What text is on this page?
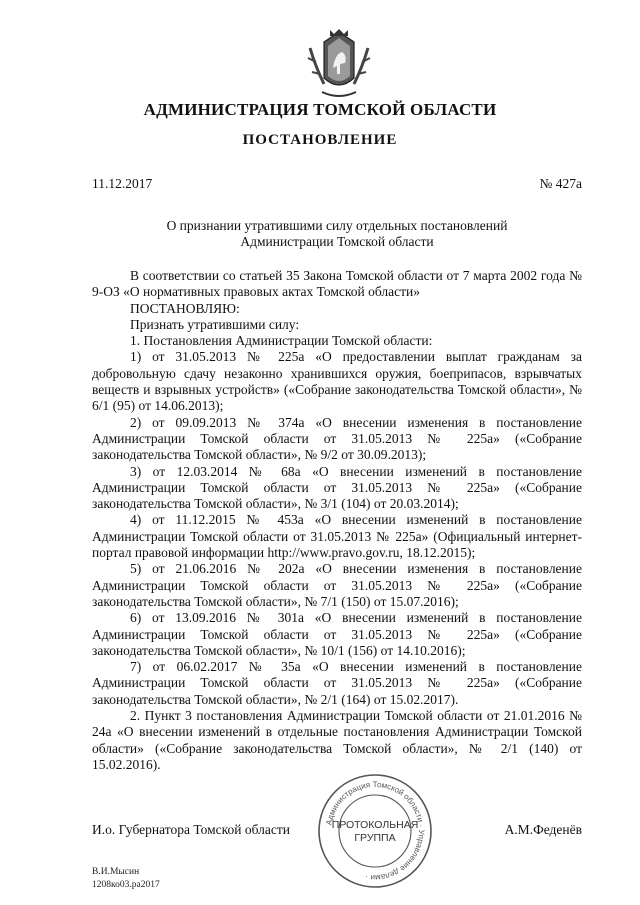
АДМИНИСТРАЦИЯ ТОМСКОЙ ОБЛАСТИ
ПОСТАНОВЛЕНИЕ
11.12.2017	№ 427а
О признании утратившими силу отдельных постановлений
Администрации Томской области

В соответствии со статьей 35 Закона Томской области от 7 марта 2002 года № 9-ОЗ «О нормативных правовых актах Томской области»

ПОСТАНОВЛЯЮ:

Признать утратившими силу:

1. Постановления Администрации Томской области:

1) от 31.05.2013 № 225а «О предоставлении выплат гражданам за добровольную сдачу незаконно хранившихся оружия, боеприпасов, взрывчатых веществ и взрывных устройств» («Собрание законодательства Томской области», № 6/1 (95) от 14.06.2013);

2) от 09.09.2013 № 374а «О внесении изменения в постановление Администрации Томской области от 31.05.2013 № 225а» («Собрание законодательства Томской области», № 9/2 от 30.09.2013);

3) от 12.03.2014 № 68а «О внесении изменений в постановление Администрации Томской области от 31.05.2013 № 225а» («Собрание законодательства Томской области», № 3/1 (104) от 20.03.2014);

4) от 11.12.2015 № 453а «О внесении изменений в постановление Администрации Томской области от 31.05.2013 № 225а» (Официальный интернет-портал правовой информации http://www.pravo.gov.ru, 18.12.2015);

5) от 21.06.2016 № 202а «О внесении изменения в постановление Администрации Томской области от 31.05.2013 № 225а» («Собрание законодательства Томской области», № 7/1 (150) от 15.07.2016);

6) от 13.09.2016 № 301а «О внесении изменений в постановление Администрации Томской области от 31.05.2013 № 225а» («Собрание законодательства Томской области», № 10/1 (156) от 14.10.2016);

7) от 06.02.2017 № 35а «О внесении изменений в постановление Администрации Томской области от 31.05.2013 № 225а» («Собрание законодательства Томской области», № 2/1 (164) от 15.02.2017).

2. Пункт 3 постановления Администрации Томской области от 21.01.2016 № 24а «О внесении изменений в отдельные постановления Администрации Томской области» («Собрание законодательства Томской области», № 2/1 (140) от 15.02.2016).

И.о. Губернатора Томской области	А.М.Феденёв
Администрация Томской области · Управление делами ·
ПРОТОКОЛЬНАЯ
ГРУППА
В.И.Мысин
1208ко03.ра2017
